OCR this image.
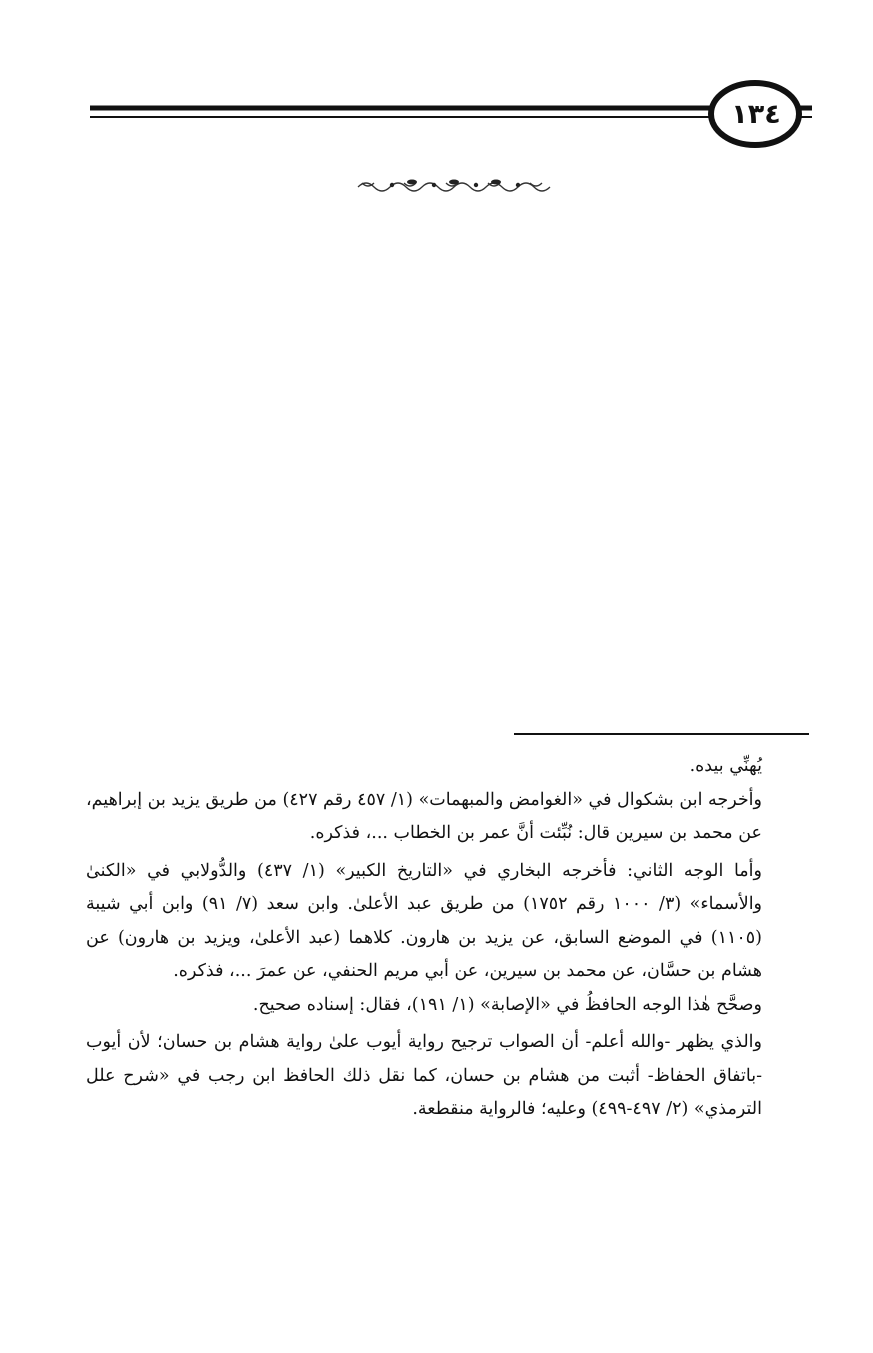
١٣٤

يُهنِّي بيده.

وأخرجه ابن بشكوال في «الغوامض والمبهمات» (١/ ٤٥٧ رقم ٤٢٧) من طريق يزيد بن إبراهيم، عن محمد بن سيرين قال: نُبِّئت أنَّ عمر بن الخطاب ...، فذكره.

وأما الوجه الثاني: فأخرجه البخاري في «التاريخ الكبير» (١/ ٤٣٧) والدُّولابي في «الكنىٰ والأسماء» (٣/ ١٠٠٠ رقم ١٧٥٢) من طريق عبد الأعلىٰ. وابن سعد (٧/ ٩١) وابن أبي شيبة (١١٠٥) في الموضع السابق، عن يزيد بن هارون. كلاهما (عبد الأعلىٰ، ويزيد بن هارون) عن هشام بن حسَّان، عن محمد بن سيرين، عن أبي مريم الحنفي، عن عمرَ ...، فذكره.

وصحَّح هٰذا الوجه الحافظُ في «الإصابة» (١/ ١٩١)، فقال: إسناده صحيح.

والذي يظهر -والله أعلم- أن الصواب ترجيح رواية أيوب علىٰ رواية هشام بن حسان؛ لأن أيوب -باتفاق الحفاظ- أثبت من هشام بن حسان، كما نقل ذلك الحافظ ابن رجب في «شرح علل الترمذي» (٢/ ٤٩٧-٤٩٩) وعليه؛ فالرواية منقطعة.
